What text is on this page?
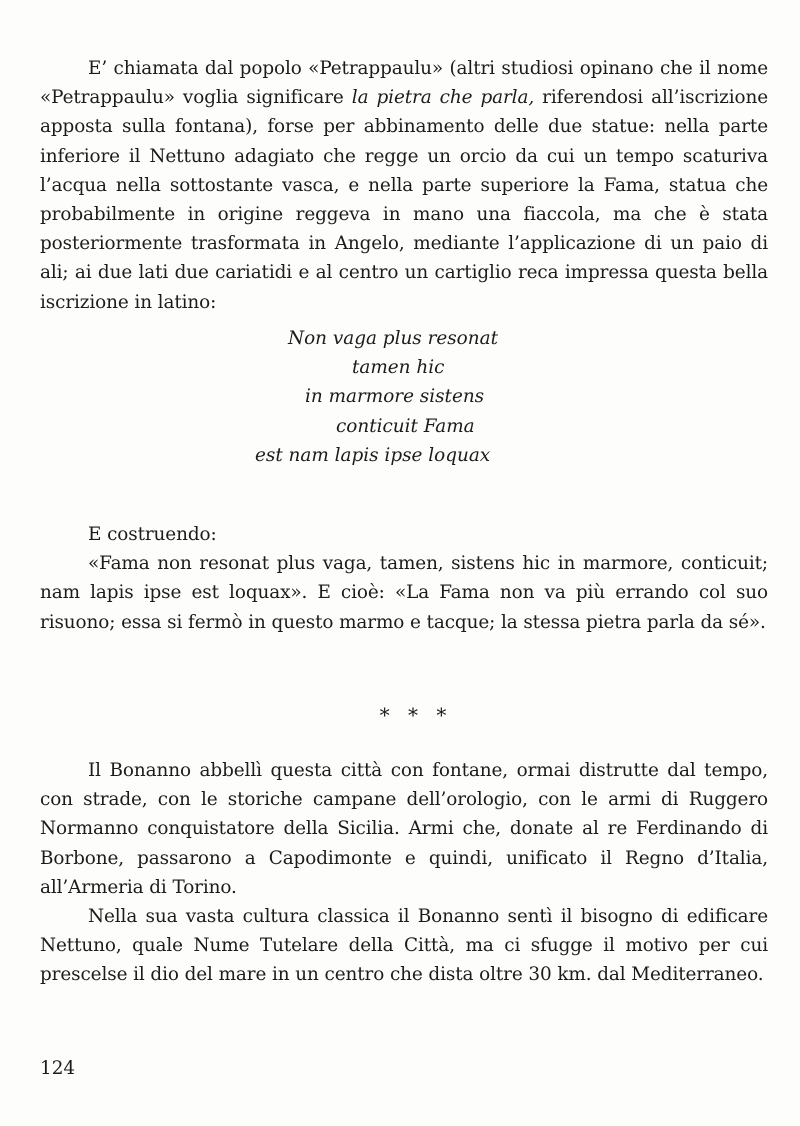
E’ chiamata dal popolo «Petrappaulu» (altri studiosi opinano che il nome «Petrappaulu» voglia significare la pietra che parla, riferendosi all’iscrizione apposta sulla fontana), forse per abbinamento delle due statue: nella parte inferiore il Nettuno adagiato che regge un orcio da cui un tempo scaturiva l’acqua nella sottostante vasca, e nella parte superiore la Fama, statua che probabilmente in origine reggeva in mano una fiaccola, ma che è stata posteriormente trasformata in Angelo, mediante l’applicazione di un paio di ali; ai due lati due cariatidi e al centro un cartiglio reca impressa questa bella iscrizione in latino:

Non vaga plus resonat
tamen hic
in marmore sistens
conticuit Fama
est nam lapis ipse loquax

E costruendo:

«Fama non resonat plus vaga, tamen, sistens hic in marmore, conticuit; nam lapis ipse est loquax». E cioè: «La Fama non va più errando col suo risuono; essa si fermò in questo marmo e tacque; la stessa pietra parla da sé».

* * *

Il Bonanno abbellì questa città con fontane, ormai distrutte dal tempo, con strade, con le storiche campane dell’orologio, con le armi di Ruggero Normanno conquistatore della Sicilia. Armi che, donate al re Ferdinando di Borbone, passarono a Capodimonte e quindi, unificato il Regno d’Italia, all’Armeria di Torino.

Nella sua vasta cultura classica il Bonanno sentì il bisogno di edificare Nettuno, quale Nume Tutelare della Città, ma ci sfugge il motivo per cui prescelse il dio del mare in un centro che dista oltre 30 km. dal Mediterraneo.

124
